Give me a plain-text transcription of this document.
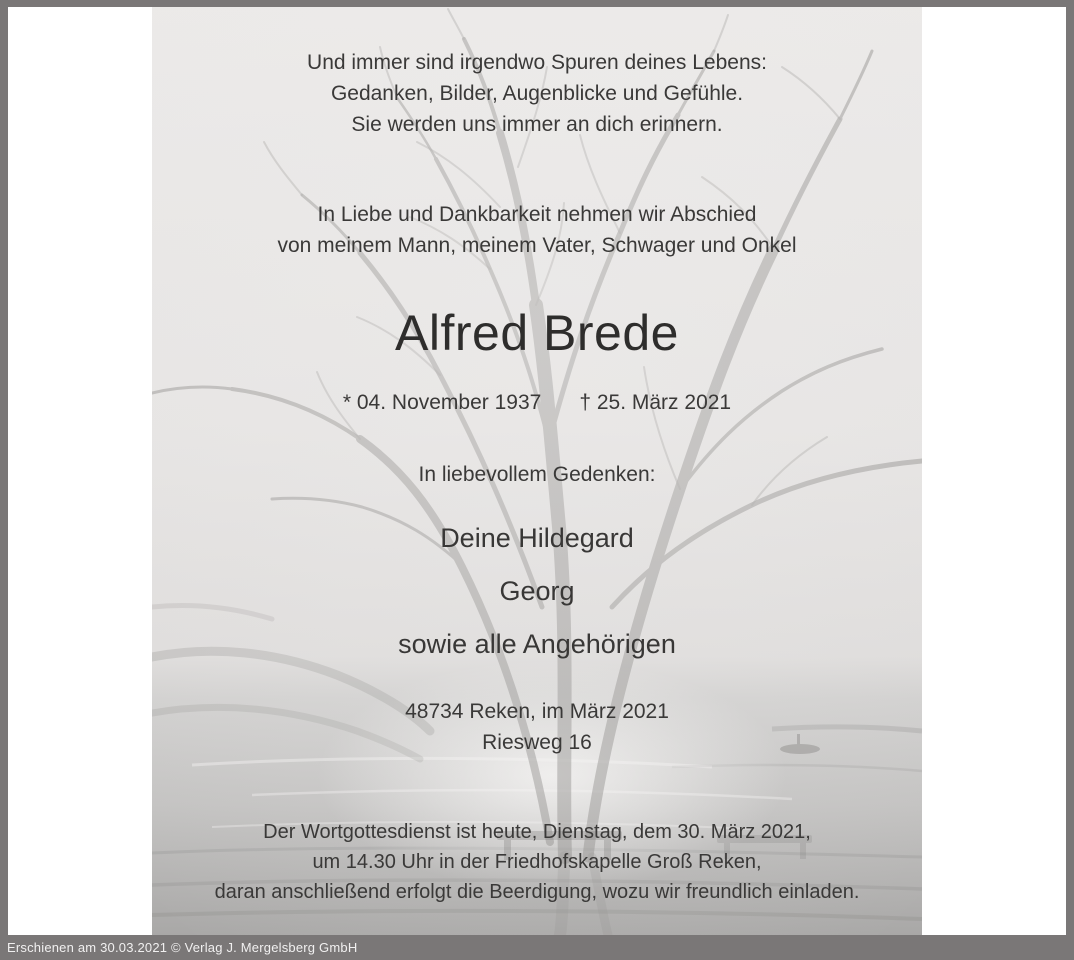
Und immer sind irgendwo Spuren deines Lebens:

Gedanken, Bilder, Augenblicke und Gefühle.

Sie werden uns immer an dich erinnern.

In Liebe und Dankbarkeit nehmen wir Abschied

von meinem Mann, meinem Vater, Schwager und Onkel

Alfred Brede

* 04. November 1937 † 25. März 2021

In liebevollem Gedenken:

Deine Hildegard
Georg
sowie alle Angehörigen

48734 Reken, im März 2021

Riesweg 16

Der Wortgottesdienst ist heute, Dienstag, dem 30. März 2021,

um 14.30 Uhr in der Friedhofskapelle Groß Reken,

daran anschließend erfolgt die Beerdigung, wozu wir freundlich einladen.

Erschienen am 30.03.2021 © Verlag J. Mergelsberg GmbH
